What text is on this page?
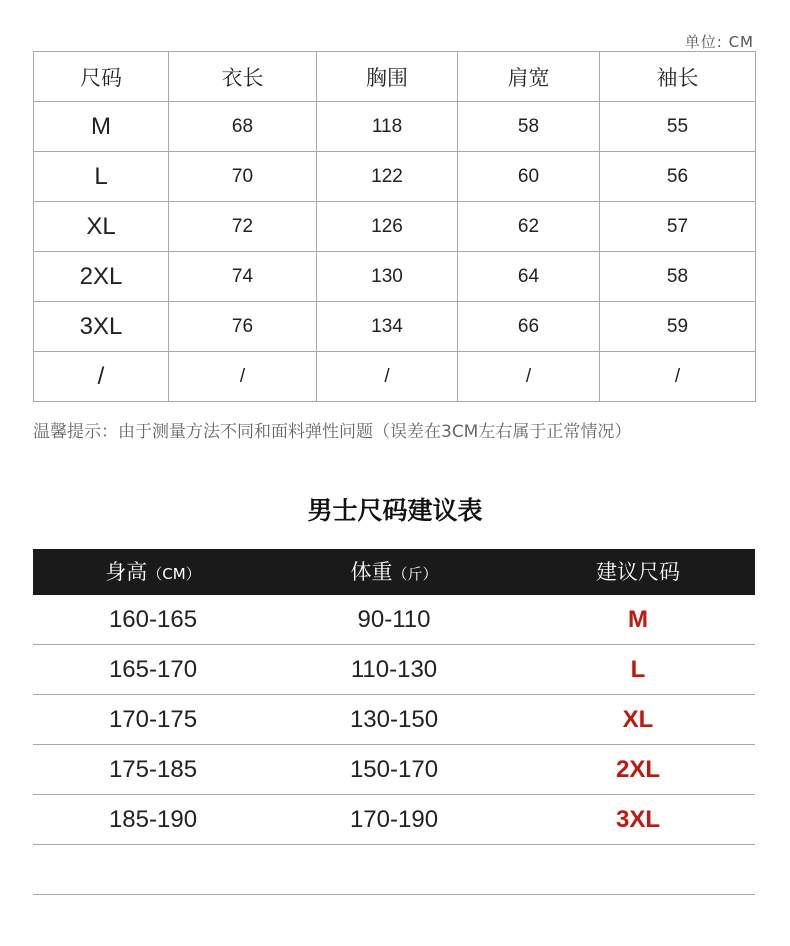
单位: CM
尺码	衣长	胸围	肩宽	袖长
M	68	118	58	55
L	70	122	60	56
XL	72	126	62	57
2XL	74	130	64	58
3XL	76	134	66	59
/	/	/	/	/
温馨提示：由于测量方法不同和面料弹性问题（误差在3CM左右属于正常情况）
男士尺码建议表
身高（CM）	体重（斤）	建议尺码
160-165	90-110	M
165-170	110-130	L
170-175	130-150	XL
175-185	150-170	2XL
185-190	170-190	3XL
